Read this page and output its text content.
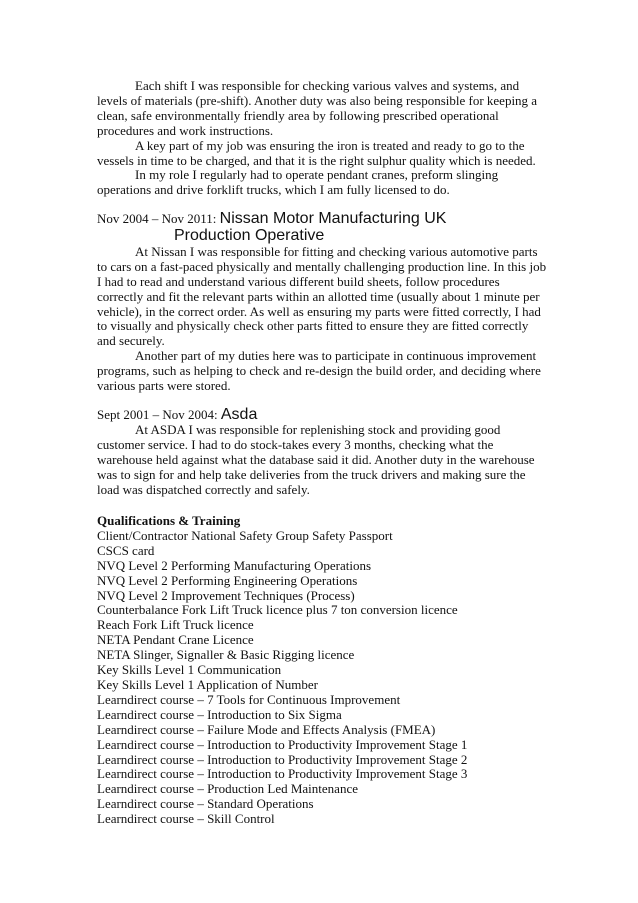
Each shift I was responsible for checking various valves and systems, and levels of materials (pre-shift). Another duty was also being responsible for keeping a clean, safe environmentally friendly area by following prescribed operational procedures and work instructions.

A key part of my job was ensuring the iron is treated and ready to go to the vessels in time to be charged, and that it is the right sulphur quality which is needed.

In my role I regularly had to operate pendant cranes, preform slinging operations and drive forklift trucks, which I am fully licensed to do.

Nov 2004 – Nov 2011: Nissan Motor Manufacturing UK
Production Operative

At Nissan I was responsible for fitting and checking various automotive parts to cars on a fast-paced physically and mentally challenging production line. In this job I had to read and understand various different build sheets, follow procedures correctly and fit the relevant parts within an allotted time (usually about 1 minute per vehicle), in the correct order. As well as ensuring my parts were fitted correctly, I had to visually and physically check other parts fitted to ensure they are fitted correctly and securely.

Another part of my duties here was to participate in continuous improvement programs, such as helping to check and re-design the build order, and deciding where various parts were stored.

Sept 2001 – Nov 2004: Asda

At ASDA I was responsible for replenishing stock and providing good customer service. I had to do stock-takes every 3 months, checking what the warehouse held against what the database said it did. Another duty in the warehouse was to sign for and help take deliveries from the truck drivers and making sure the load was dispatched correctly and safely.

Qualifications & Training
Client/Contractor National Safety Group Safety Passport
CSCS card
NVQ Level 2 Performing Manufacturing Operations
NVQ Level 2 Performing Engineering Operations
NVQ Level 2 Improvement Techniques (Process)
Counterbalance Fork Lift Truck licence plus 7 ton conversion licence
Reach Fork Lift Truck licence
NETA Pendant Crane Licence
NETA Slinger, Signaller & Basic Rigging licence
Key Skills Level 1 Communication
Key Skills Level 1 Application of Number
Learndirect course – 7 Tools for Continuous Improvement
Learndirect course – Introduction to Six Sigma
Learndirect course – Failure Mode and Effects Analysis (FMEA)
Learndirect course – Introduction to Productivity Improvement Stage 1
Learndirect course – Introduction to Productivity Improvement Stage 2
Learndirect course – Introduction to Productivity Improvement Stage 3
Learndirect course – Production Led Maintenance
Learndirect course – Standard Operations
Learndirect course – Skill Control
